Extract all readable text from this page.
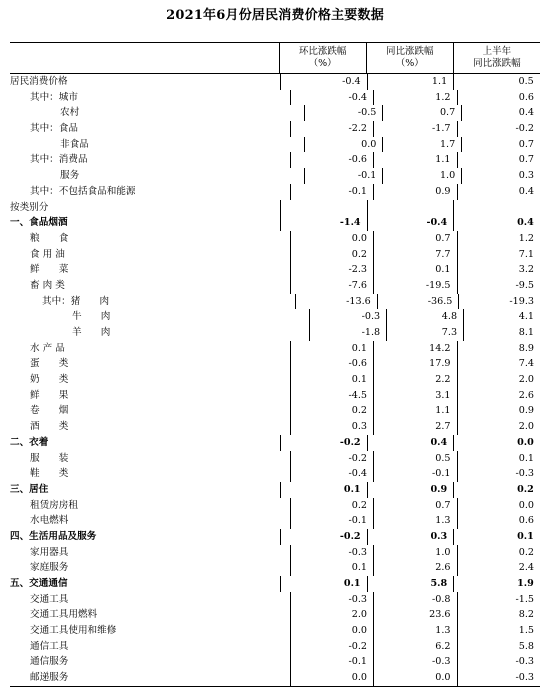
2021年6月份居民消费价格主要数据
环比涨跌幅
（%）
同比涨跌幅
（%）
上半年
同比涨跌幅
居民消费价格	-0.4	1.1	0.5
其中：城市	-0.4	1.2	0.6
农村	-0.5	0.7	0.4
其中：食品	-2.2	-1.7	-0.2
非食品	0.0	1.7	0.7
其中：消费品	-0.6	1.1	0.7
服务	-0.1	1.0	0.3
其中：不包括食品和能源	-0.1	0.9	0.4
按类别分
一、食品烟酒	-1.4	-0.4	0.4
粮　　食	0.0	0.7	1.2
食 用 油	0.2	7.7	7.1
鲜　　菜	-2.3	0.1	3.2
畜 肉 类	-7.6	-19.5	-9.5
其中：猪　　肉	-13.6	-36.5	-19.3
牛　　肉	-0.3	4.8	4.1
羊　　肉	-1.8	7.3	8.1
水 产 品	0.1	14.2	8.9
蛋　　类	-0.6	17.9	7.4
奶　　类	0.1	2.2	2.0
鲜　　果	-4.5	3.1	2.6
卷　　烟	0.2	1.1	0.9
酒　　类	0.3	2.7	2.0
二、衣着	-0.2	0.4	0.0
服　　装	-0.2	0.5	0.1
鞋　　类	-0.4	-0.1	-0.3
三、居住	0.1	0.9	0.2
租赁房房租	0.2	0.7	0.0
水电燃料	-0.1	1.3	0.6
四、生活用品及服务	-0.2	0.3	0.1
家用器具	-0.3	1.0	0.2
家庭服务	0.1	2.6	2.4
五、交通通信	0.1	5.8	1.9
交通工具	-0.3	-0.8	-1.5
交通工具用燃料	2.0	23.6	8.2
交通工具使用和维修	0.0	1.3	1.5
通信工具	-0.2	6.2	5.8
通信服务	-0.1	-0.3	-0.3
邮递服务	0.0	0.0	-0.3
